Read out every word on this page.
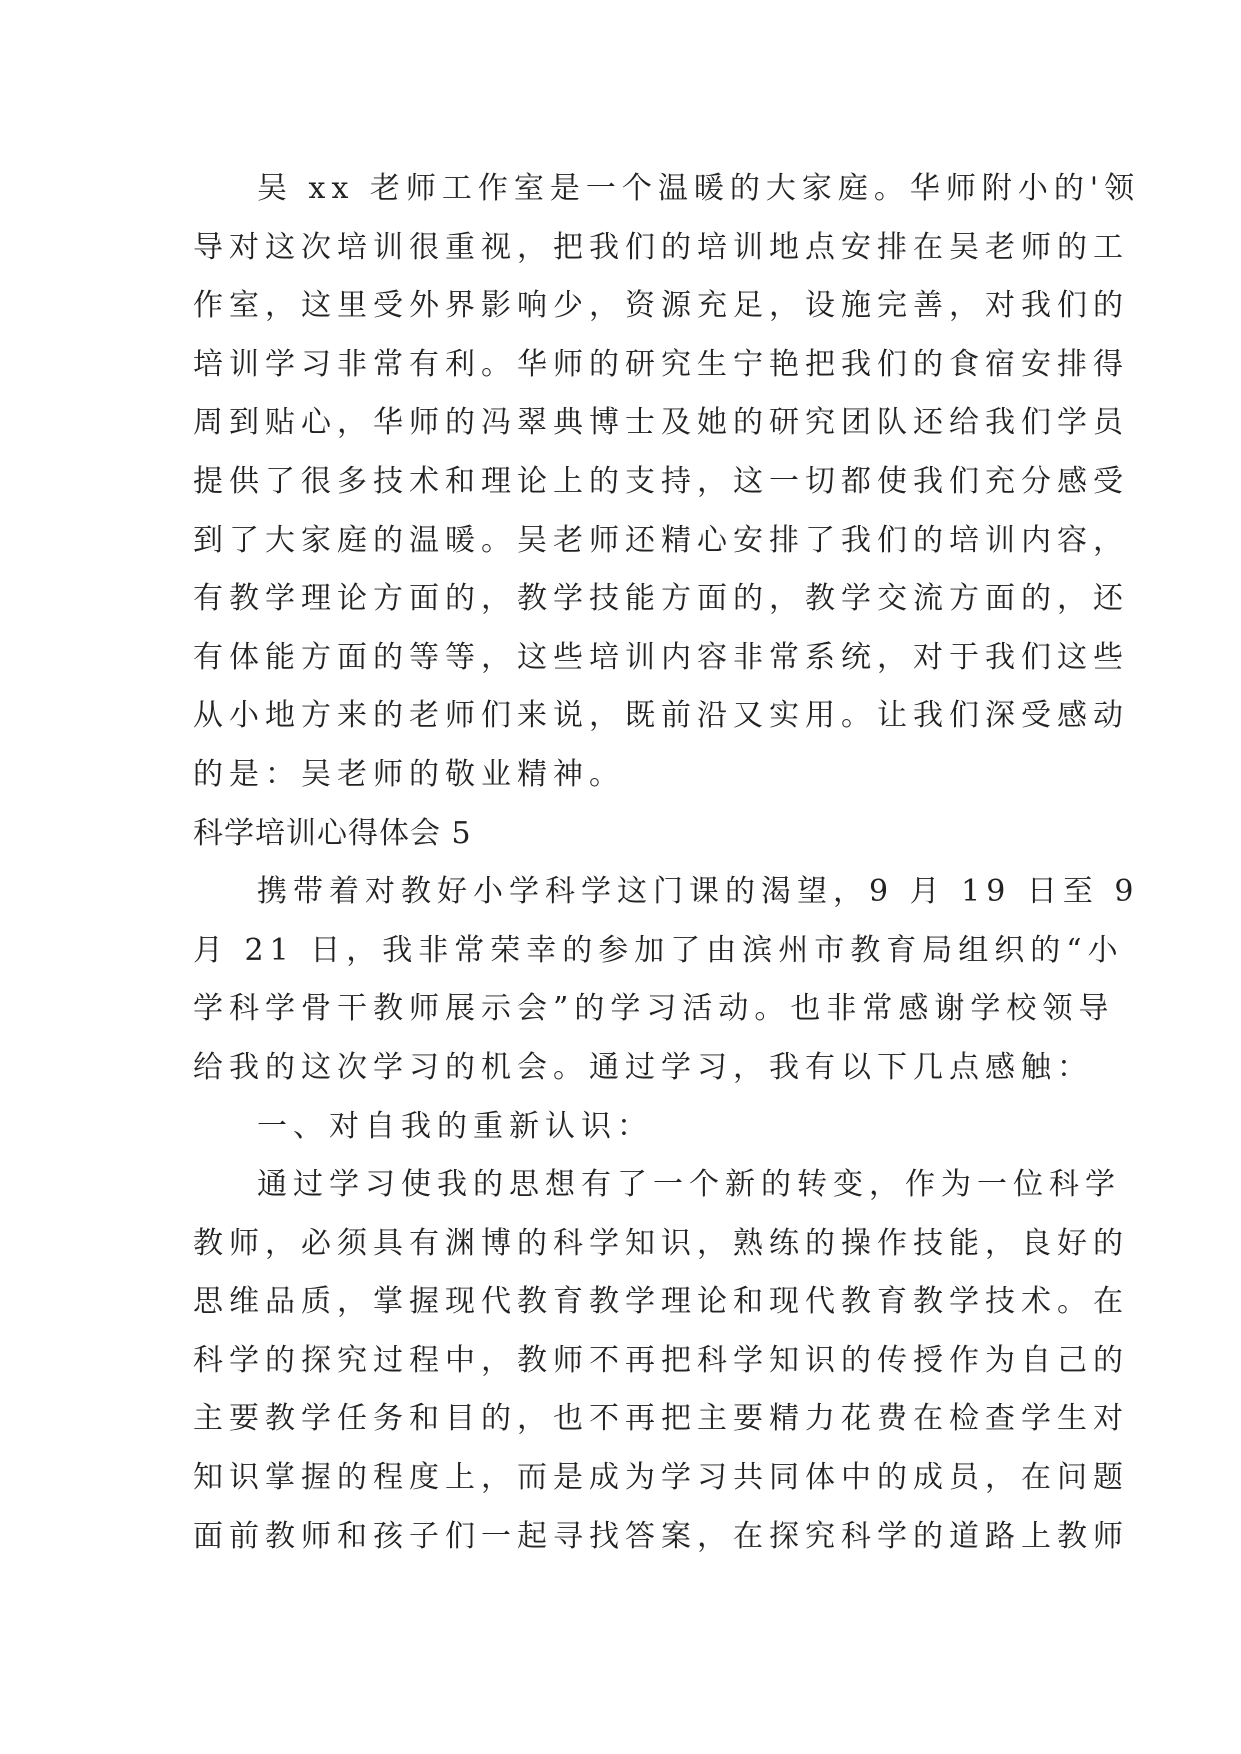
吴 xx 老师工作室是一个温暖的大家庭。华师附小的'领
导对这次培训很重视，把我们的培训地点安排在吴老师的工
作室，这里受外界影响少，资源充足，设施完善，对我们的
培训学习非常有利。华师的研究生宁艳把我们的食宿安排得
周到贴心，华师的冯翠典博士及她的研究团队还给我们学员
提供了很多技术和理论上的支持，这一切都使我们充分感受
到了大家庭的温暖。吴老师还精心安排了我们的培训内容，
有教学理论方面的，教学技能方面的，教学交流方面的，还
有体能方面的等等，这些培训内容非常系统，对于我们这些
从小地方来的老师们来说，既前沿又实用。让我们深受感动
的是：吴老师的敬业精神。
科学培训心得体会 5
携带着对教好小学科学这门课的渴望，9 月 19 日至 9
月 21 日，我非常荣幸的参加了由滨州市教育局组织的“小
学科学骨干教师展示会”的学习活动。也非常感谢学校领导
给我的这次学习的机会。通过学习，我有以下几点感触：
一、对自我的重新认识：
通过学习使我的思想有了一个新的转变，作为一位科学
教师，必须具有渊博的科学知识，熟练的操作技能，良好的
思维品质，掌握现代教育教学理论和现代教育教学技术。在
科学的探究过程中，教师不再把科学知识的传授作为自己的
主要教学任务和目的，也不再把主要精力花费在检查学生对
知识掌握的程度上，而是成为学习共同体中的成员，在问题
面前教师和孩子们一起寻找答案，在探究科学的道路上教师
